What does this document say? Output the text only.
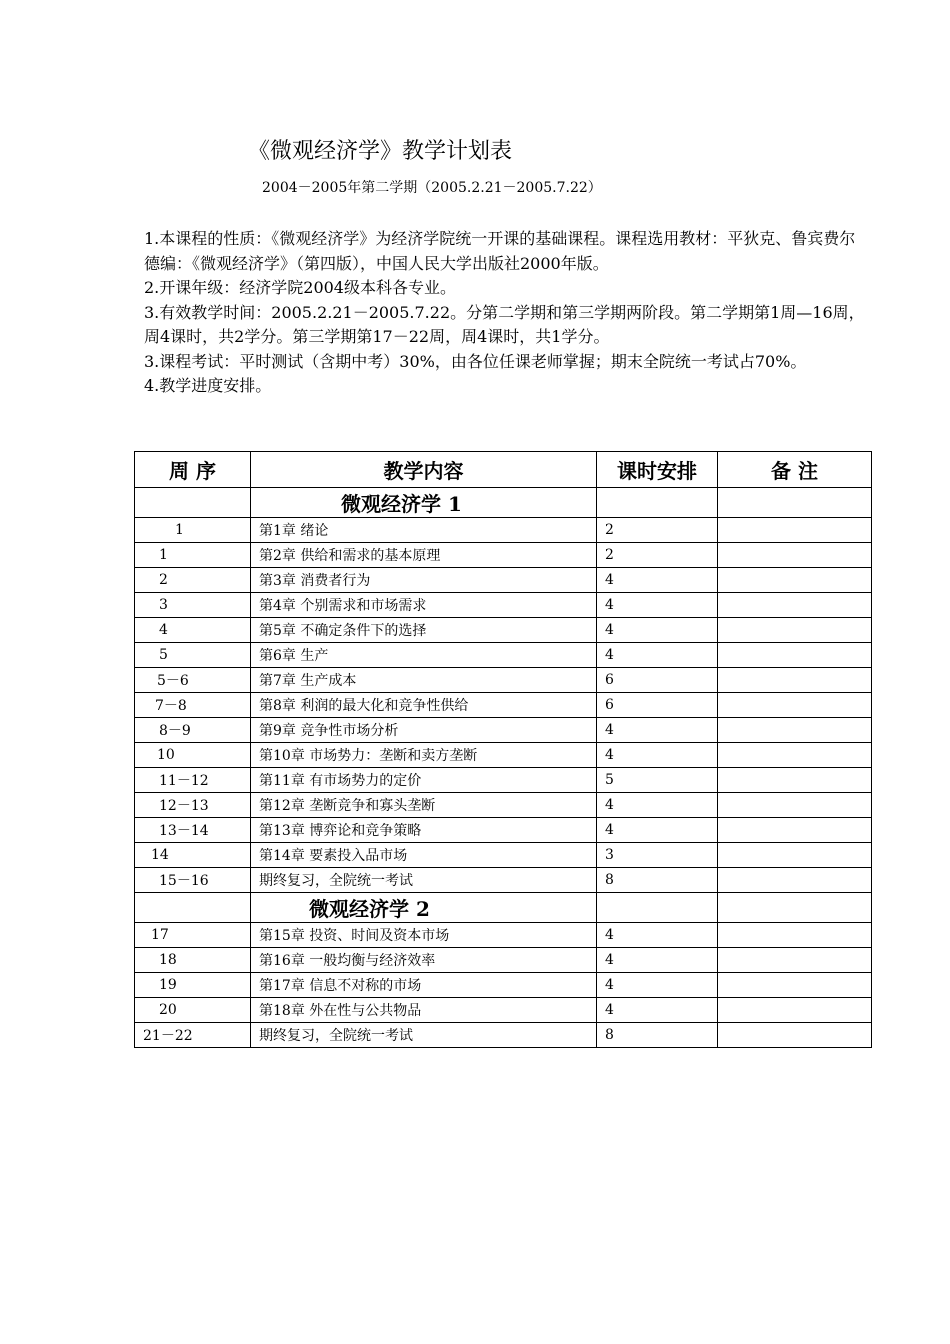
《微观经济学》教学计划表
2004－2005年第二学期（2005.2.21－2005.7.22）

1.本课程的性质：《微观经济学》为经济学院统一开课的基础课程。课程选用教材：平狄克、鲁宾费尔德编：《微观经济学》（第四版），中国人民大学出版社2000年版。

2.开课年级：经济学院2004级本科各专业。

3.有效教学时间：2005.2.21－2005.7.22。分第二学期和第三学期两阶段。第二学期第1周—16周，周4课时，共2学分。第三学期第17－22周，周4课时，共1学分。

3.课程考试：平时测试（含期中考）30%，由各位任课老师掌握；期末全院统一考试占70%。

4.教学进度安排。

周 序	教学内容	课时安排	备 注
	微观经济学 1		
1	第1章 绪论	2	
1	第2章 供给和需求的基本原理	2	
2	第3章 消费者行为	4	
3	第4章 个别需求和市场需求	4	
4	第5章 不确定条件下的选择	4	
5	第6章 生产	4	
5－6	第7章 生产成本	6	
7－8	第8章 利润的最大化和竞争性供给	6	
8－9	第9章 竞争性市场分析	4	
10	第10章 市场势力：垄断和卖方垄断	4	
11－12	第11章 有市场势力的定价	5	
12－13	第12章 垄断竞争和寡头垄断	4	
13－14	第13章 博弈论和竞争策略	4	
14	第14章 要素投入品市场	3	
15－16	期终复习，全院统一考试	8	
	微观经济学 2		
17	第15章 投资、时间及资本市场	4	
18	第16章 一般均衡与经济效率	4	
19	第17章 信息不对称的市场	4	
20	第18章 外在性与公共物品	4	
21－22	期终复习，全院统一考试	8	
